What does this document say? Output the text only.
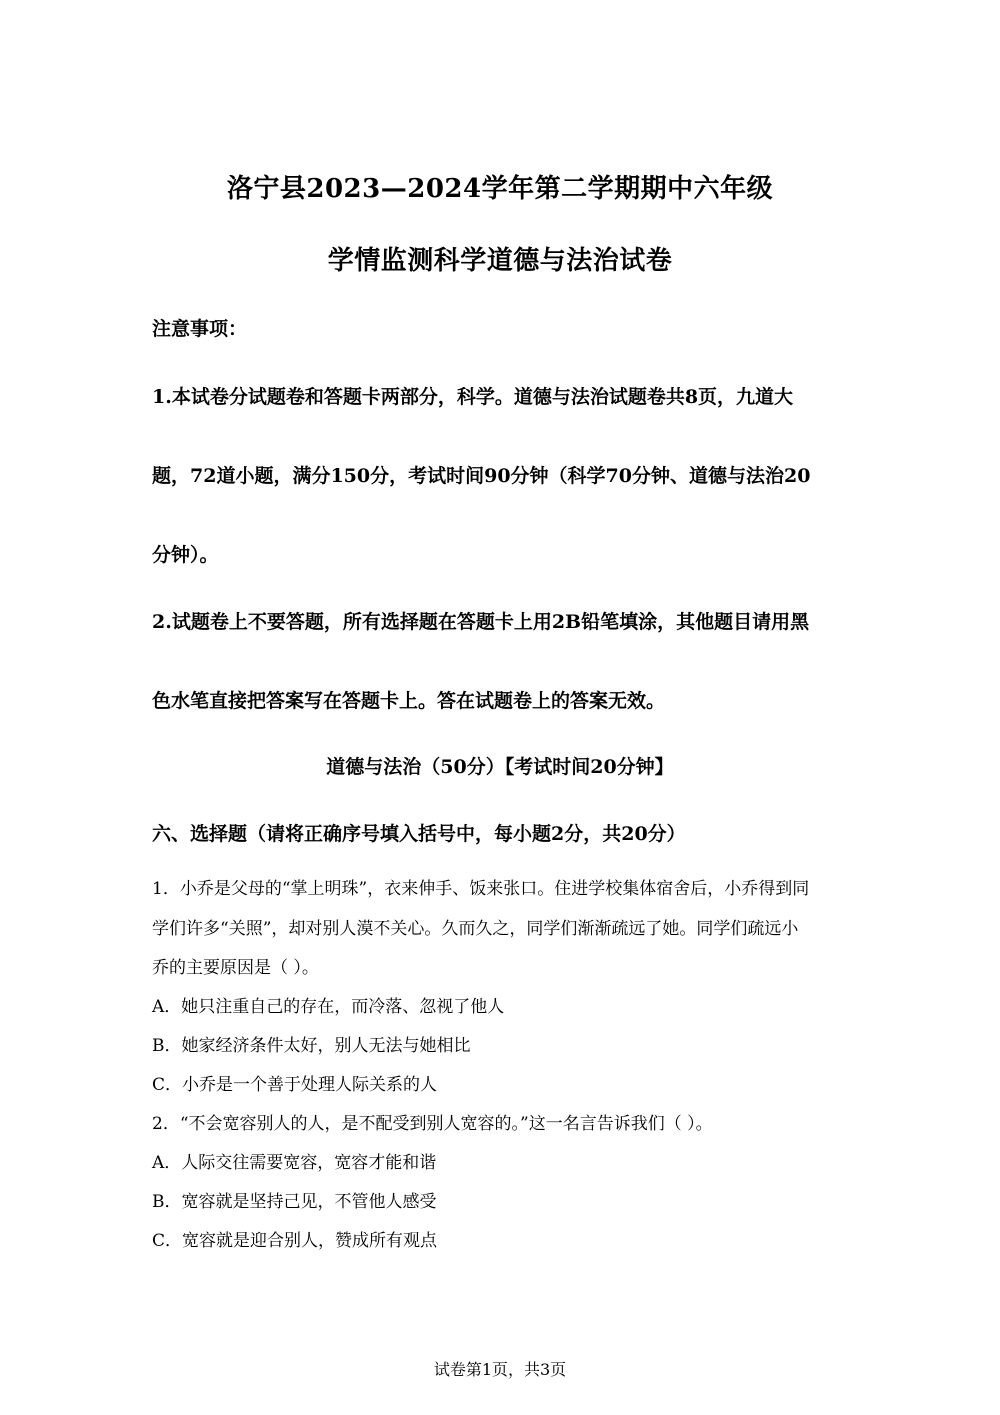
洛宁县2023—2024学年第二学期期中六年级
学情监测科学道德与法治试卷
注意事项：
1.本试卷分试题卷和答题卡两部分，科学。道德与法治试题卷共8页，九道大
题，72道小题，满分150分，考试时间90分钟（科学70分钟、道德与法治20
分钟）。
2.试题卷上不要答题，所有选择题在答题卡上用2B铅笔填涂，其他题目请用黑
色水笔直接把答案写在答题卡上。答在试题卷上的答案无效。
道德与法治（50分）【考试时间20分钟】
六、选择题（请将正确序号填入括号中，每小题2分，共20分）
1．小乔是父母的“掌上明珠”，衣来伸手、饭来张口。住进学校集体宿舍后，小乔得到同
学们许多“关照”，却对别人漠不关心。久而久之，同学们渐渐疏远了她。同学们疏远小
乔的主要原因是（ ）。
A．她只注重自己的存在，而冷落、忽视了他人
B．她家经济条件太好，别人无法与她相比
C．小乔是一个善于处理人际关系的人
2．“不会宽容别人的人，是不配受到别人宽容的。”这一名言告诉我们（ ）。
A．人际交往需要宽容，宽容才能和谐
B．宽容就是坚持己见，不管他人感受
C．宽容就是迎合别人，赞成所有观点
试卷第1页，共3页
